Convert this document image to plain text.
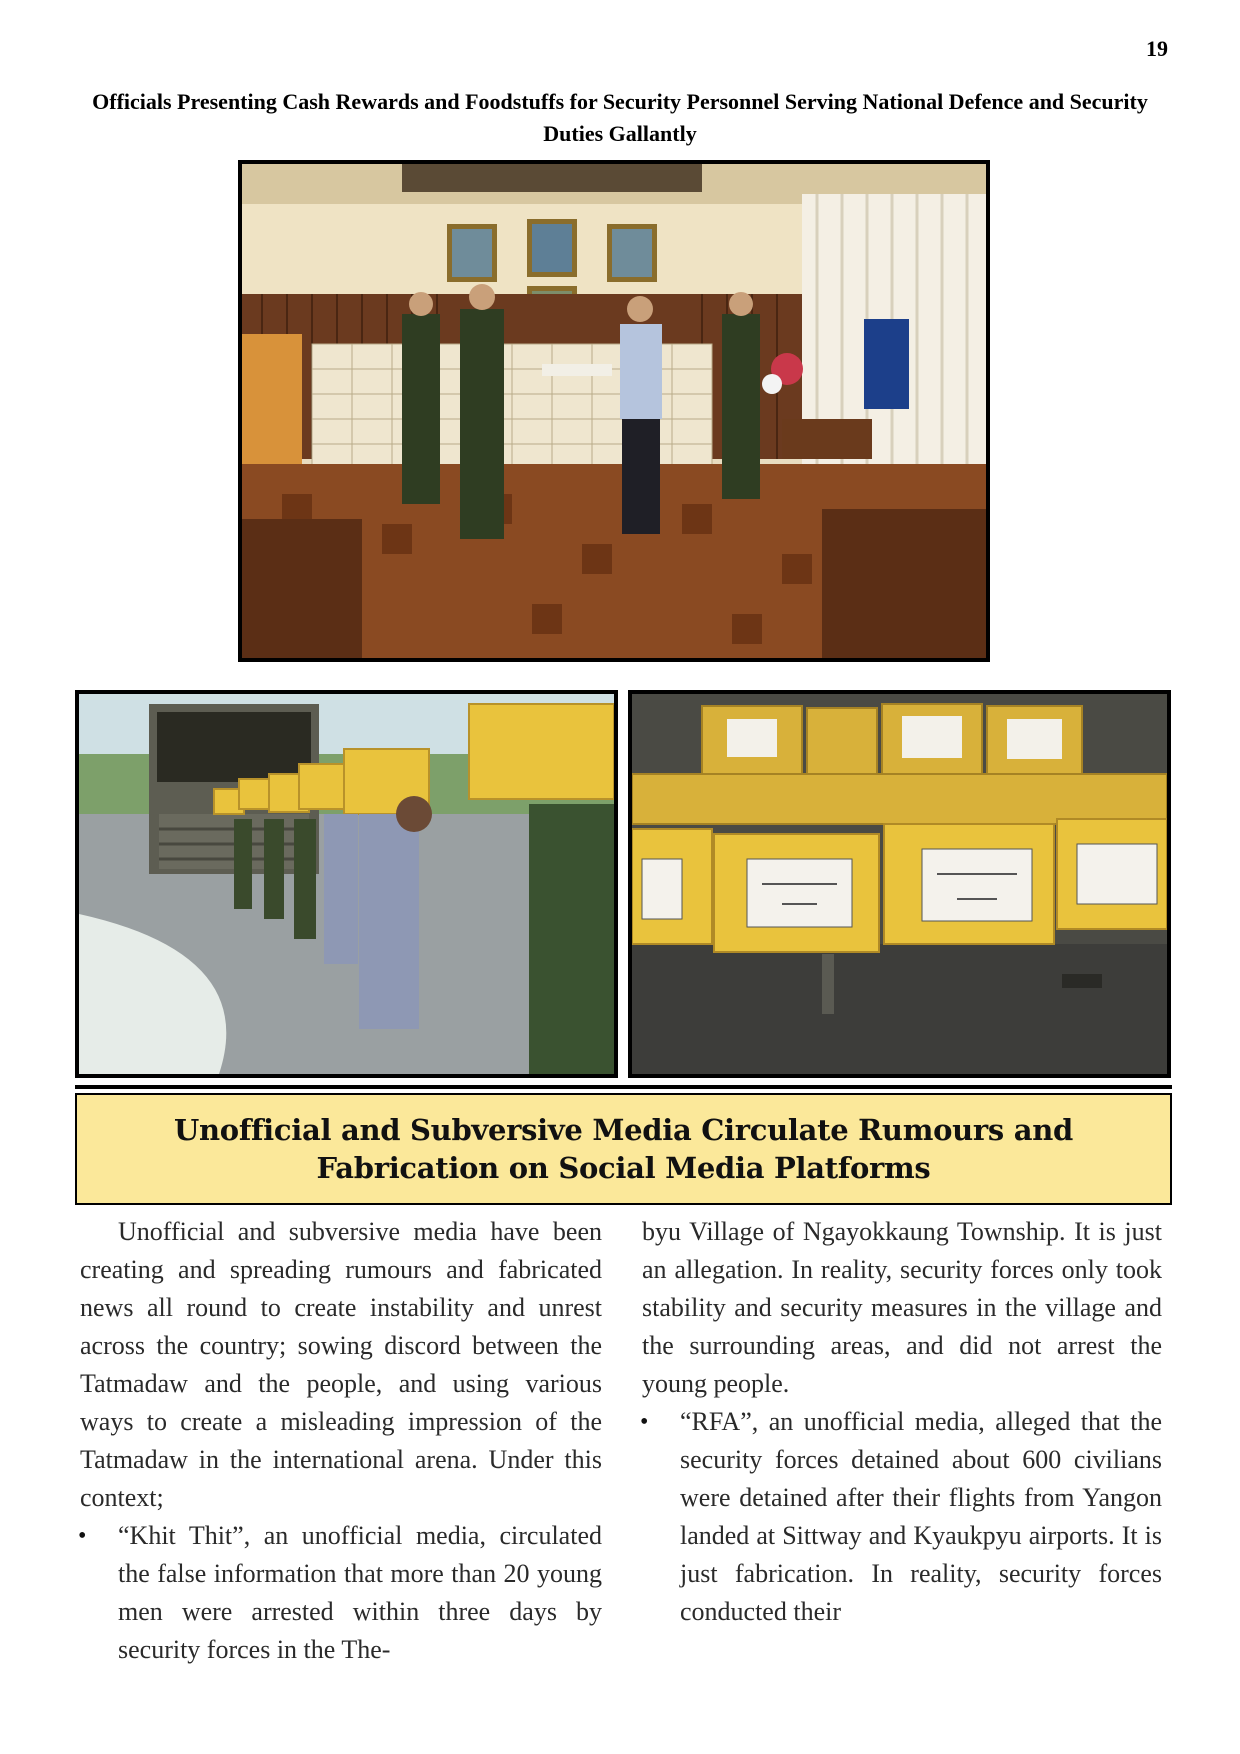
19
Officials Presenting Cash Rewards and Foodstuffs for Security Personnel Serving National Defence and Security Duties Gallantly
Unofficial and Subversive Media Circulate Rumours and Fabrication on Social Media Platforms

Unofficial and subversive media have been creating and spreading rumours and fabricated news all round to create instability and unrest across the country; sowing discord between the Tatmadaw and the people, and using various ways to create a misleading impression of the Tatmadaw in the international arena. Under this context;

• “Khit Thit”, an unofficial media, circulated the false information that more than 20 young men were arrested within three days by security forces in the The-

byu Village of Ngayokkaung Township. It is just an allegation. In reality, security forces only took stability and security measures in the village and the surrounding areas, and did not arrest the young people.

• “RFA”, an unofficial media, alleged that the security forces detained about 600 civilians were detained after their flights from Yangon landed at Sittway and Kyaukpyu airports. It is just fabrication. In reality, security forces conducted their
